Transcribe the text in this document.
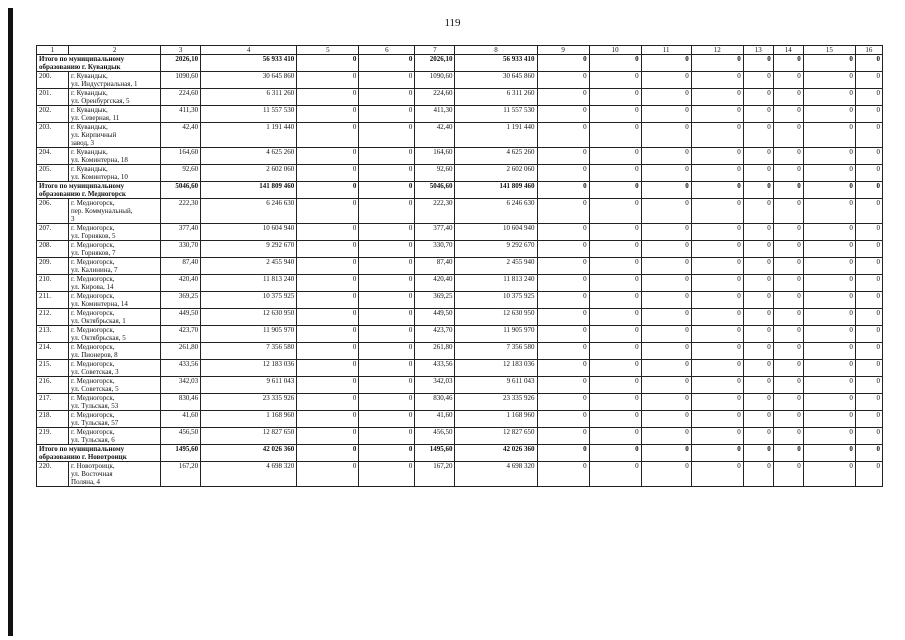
119
1	2	3	4	5	6	7	8	9	10	11	12	13	14	15	16
Итого по муниципальному
образованию г. Кувандык		2026,10	56 933 410	0	0	2026,10	56 933 410	0	0	0	0	0	0	0	0
200.	г. Кувандык,
ул. Индустриальная, 1	1090,60	30 645 860	0	0	1090,60	30 645 860	0	0	0	0	0	0	0	0
201.	г. Кувандык,
ул. Оренбургская, 5	224,60	6 311 260	0	0	224,60	6 311 260	0	0	0	0	0	0	0	0
202.	г. Кувандык,
ул. Северная, 11	411,30	11 557 530	0	0	411,30	11 557 530	0	0	0	0	0	0	0	0
203.	г. Кувандык,
ул. Кирпичный
завод, 3	42,40	1 191 440	0	0	42,40	1 191 440	0	0	0	0	0	0	0	0
204.	г. Кувандык,
ул. Коминтерна, 18	164,60	4 625 260	0	0	164,60	4 625 260	0	0	0	0	0	0	0	0
205.	г. Кувандык,
ул. Коминтерна, 10	92,60	2 602 060	0	0	92,60	2 602 060	0	0	0	0	0	0	0	0
Итого по муниципальному
образованию г. Медногорск		5046,60	141 809 460	0	0	5046,60	141 809 460	0	0	0	0	0	0	0	0
206.	г. Медногорск,
пер. Коммунальный,
3	222,30	6 246 630	0	0	222,30	6 246 630	0	0	0	0	0	0	0	0
207.	г. Медногорск,
ул. Горняков, 5	377,40	10 604 940	0	0	377,40	10 604 940	0	0	0	0	0	0	0	0
208.	г. Медногорск,
ул. Горняков, 7	330,70	9 292 670	0	0	330,70	9 292 670	0	0	0	0	0	0	0	0
209.	г. Медногорск,
ул. Калинина, 7	87,40	2 455 940	0	0	87,40	2 455 940	0	0	0	0	0	0	0	0
210.	г. Медногорск,
ул. Кирова, 14	420,40	11 813 240	0	0	420,40	11 813 240	0	0	0	0	0	0	0	0
211.	г. Медногорск,
ул. Коминтерна, 14	369,25	10 375 925	0	0	369,25	10 375 925	0	0	0	0	0	0	0	0
212.	г. Медногорск,
ул. Октябрьская, 1	449,50	12 630 950	0	0	449,50	12 630 950	0	0	0	0	0	0	0	0
213.	г. Медногорск,
ул. Октябрьская, 5	423,70	11 905 970	0	0	423,70	11 905 970	0	0	0	0	0	0	0	0
214.	г. Медногорск,
ул. Пионеров, 8	261,80	7 356 580	0	0	261,80	7 356 580	0	0	0	0	0	0	0	0
215.	г. Медногорск,
ул. Советская, 3	433,56	12 183 036	0	0	433,56	12 183 036	0	0	0	0	0	0	0	0
216.	г. Медногорск,
ул. Советская, 5	342,03	9 611 043	0	0	342,03	9 611 043	0	0	0	0	0	0	0	0
217.	г. Медногорск,
ул. Тульская, 53	830,46	23 335 926	0	0	830,46	23 335 926	0	0	0	0	0	0	0	0
218.	г. Медногорск,
ул. Тульская, 57	41,60	1 168 960	0	0	41,60	1 168 960	0	0	0	0	0	0	0	0
219.	г. Медногорск,
ул. Тульская, 6	456,50	12 827 650	0	0	456,50	12 827 650	0	0	0	0	0	0	0	0
Итого по муниципальному
образованию г. Новотроицк		1495,60	42 026 360	0	0	1495,60	42 026 360	0	0	0	0	0	0	0	0
220.	г. Новотроицк,
ул. Восточная
Поляна, 4	167,20	4 698 320	0	0	167,20	4 698 320	0	0	0	0	0	0	0	0
